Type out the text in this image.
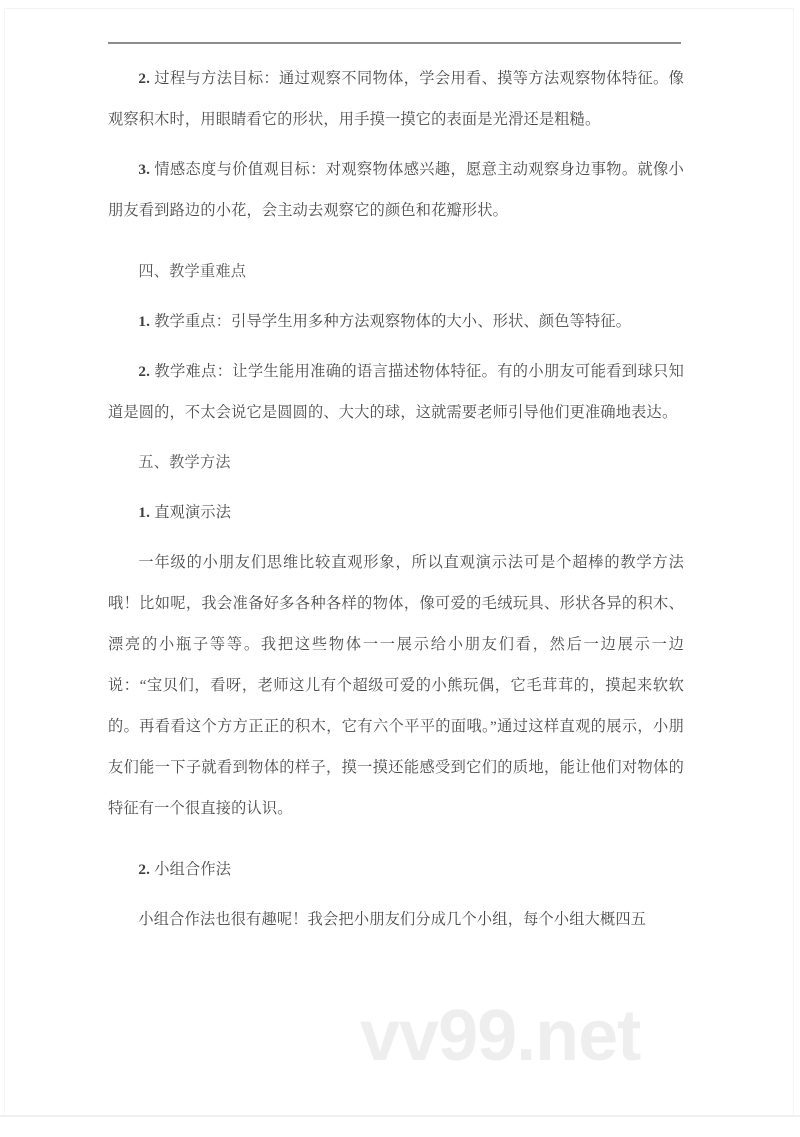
2. 过程与方法目标：通过观察不同物体，学会用看、摸等方法观察物体特征。像观察积木时，用眼睛看它的形状，用手摸一摸它的表面是光滑还是粗糙。

3. 情感态度与价值观目标：对观察物体感兴趣，愿意主动观察身边事物。就像小朋友看到路边的小花，会主动去观察它的颜色和花瓣形状。

四、教学重难点

1. 教学重点：引导学生用多种方法观察物体的大小、形状、颜色等特征。

2. 教学难点：让学生能用准确的语言描述物体特征。有的小朋友可能看到球只知道是圆的，不太会说它是圆圆的、大大的球，这就需要老师引导他们更准确地表达。

五、教学方法

1. 直观演示法

一年级的小朋友们思维比较直观形象，所以直观演示法可是个超棒的教学方法哦！比如呢，我会准备好多各种各样的物体，像可爱的毛绒玩具、形状各异的积木、漂亮的小瓶子等等。我把这些物体一一展示给小朋友们看，然后一边展示一边说：“宝贝们，看呀，老师这儿有个超级可爱的小熊玩偶，它毛茸茸的，摸起来软软的。再看看这个方方正正的积木，它有六个平平的面哦。”通过这样直观的展示，小朋友们能一下子就看到物体的样子，摸一摸还能感受到它们的质地，能让他们对物体的特征有一个很直接的认识。

2. 小组合作法

小组合作法也很有趣呢！我会把小朋友们分成几个小组，每个小组大概四五

vv99.net
